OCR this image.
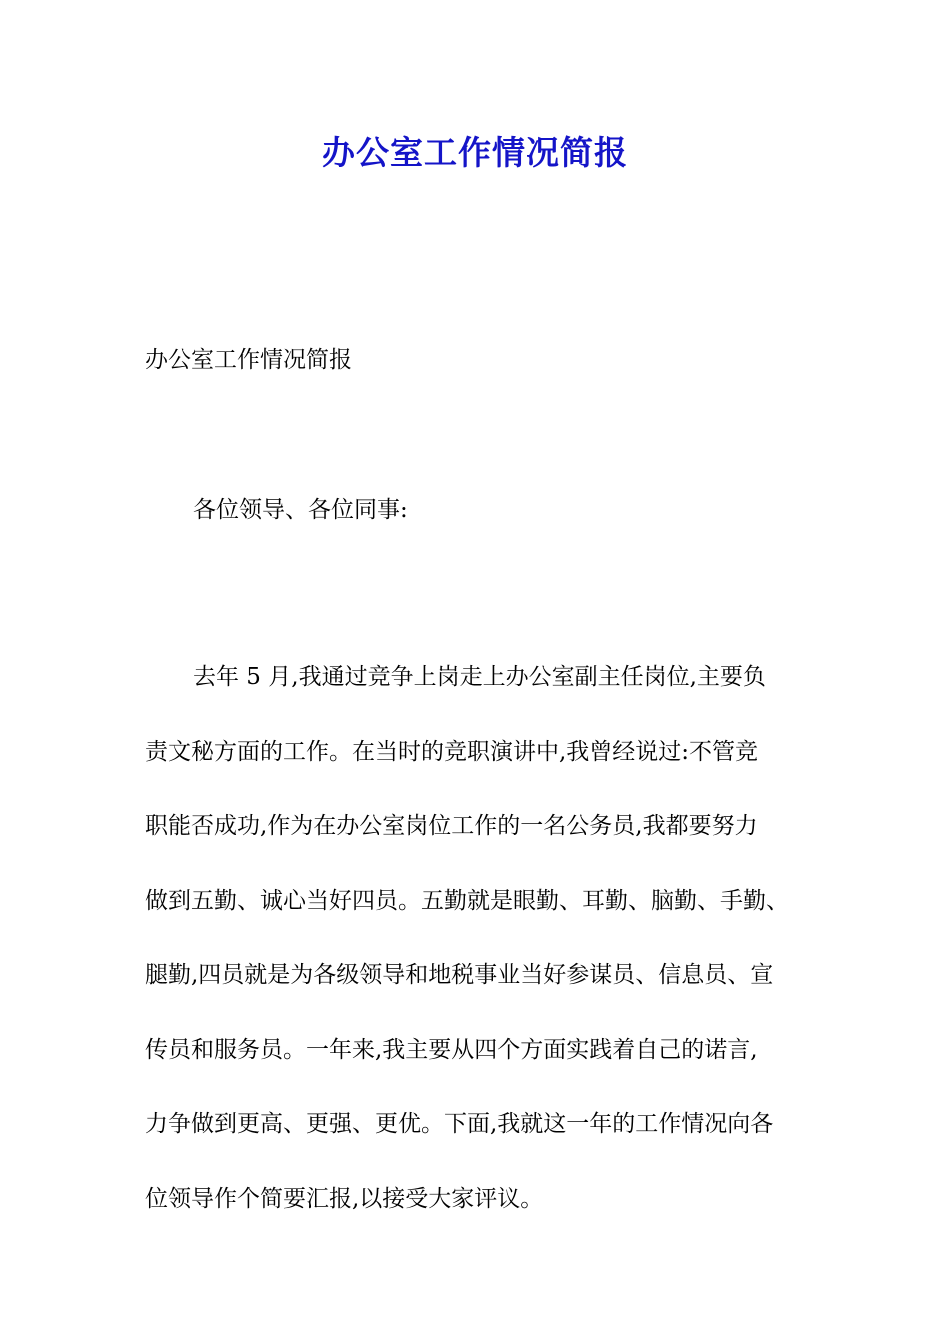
办公室工作情况简报
办公室工作情况简报
各位领导、各位同事:
去年 5 月,我通过竞争上岗走上办公室副主任岗位,主要负
责文秘方面的工作。在当时的竞职演讲中,我曾经说过:不管竞
职能否成功,作为在办公室岗位工作的一名公务员,我都要努力
做到五勤、诚心当好四员。五勤就是眼勤、耳勤、脑勤、手勤、
腿勤,四员就是为各级领导和地税事业当好参谋员、信息员、宣
传员和服务员。一年来,我主要从四个方面实践着自己的诺言,
力争做到更高、更强、更优。下面,我就这一年的工作情况向各
位领导作个简要汇报,以接受大家评议。
